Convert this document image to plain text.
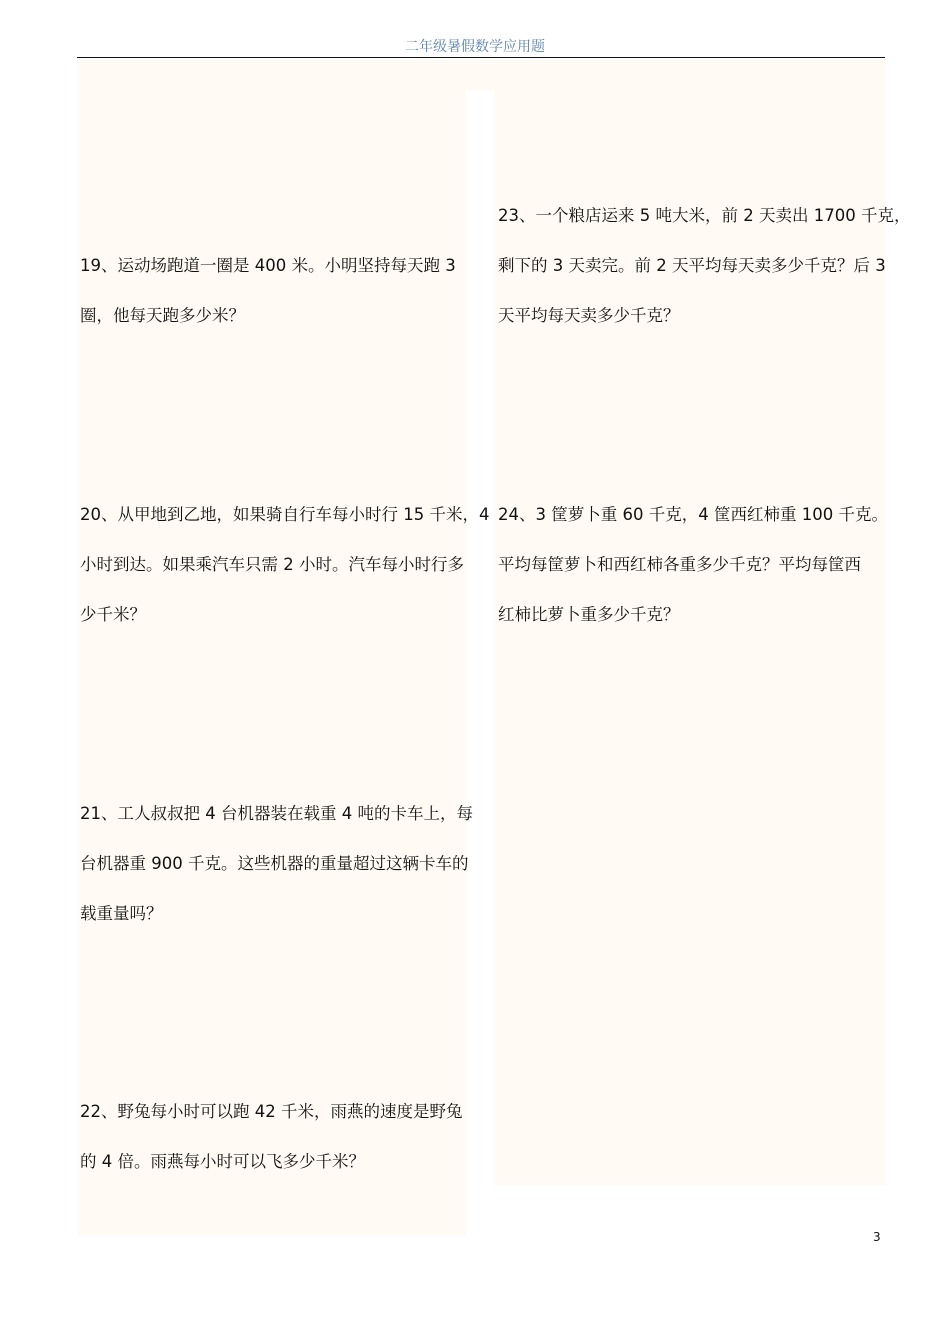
二年级暑假数学应用题
19、运动场跑道一圈是 400 米。小明坚持每天跑 3
圈，他每天跑多少米？
20、从甲地到乙地，如果骑自行车每小时行 15 千米，4
小时到达。如果乘汽车只需 2 小时。汽车每小时行多
少千米？
21、工人叔叔把 4 台机器装在载重 4 吨的卡车上，每
台机器重 900 千克。这些机器的重量超过这辆卡车的
载重量吗？
22、野兔每小时可以跑 42 千米，雨燕的速度是野兔
的 4 倍。雨燕每小时可以飞多少千米？
23、一个粮店运来 5 吨大米，前 2 天卖出 1700 千克，
剩下的 3 天卖完。前 2 天平均每天卖多少千克？后 3
天平均每天卖多少千克？
24、3 筐萝卜重 60 千克，4 筐西红柿重 100 千克。
平均每筐萝卜和西红柿各重多少千克？平均每筐西
红柿比萝卜重多少千克？
3
